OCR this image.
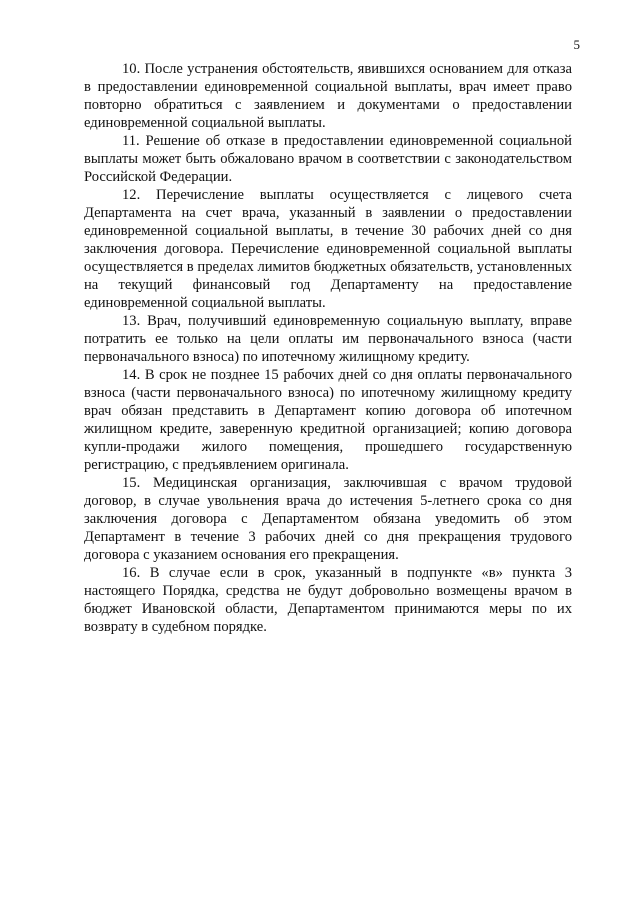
5

10. После устранения обстоятельств, явившихся основанием для отказа в предоставлении единовременной социальной выплаты, врач имеет право повторно обратиться с заявлением и документами о предоставлении единовременной социальной выплаты.

11. Решение об отказе в предоставлении единовременной социальной выплаты может быть обжаловано врачом в соответствии с законодательством Российской Федерации.

12. Перечисление выплаты осуществляется с лицевого счета Департамента на счет врача, указанный в заявлении о предоставлении единовременной социальной выплаты, в течение 30 рабочих дней со дня заключения договора. Перечисление единовременной социальной выплаты осуществляется в пределах лимитов бюджетных обязательств, установленных на текущий финансовый год Департаменту на предоставление единовременной социальной выплаты.

13. Врач, получивший единовременную социальную выплату, вправе потратить ее только на цели оплаты им первоначального взноса (части первоначального взноса) по ипотечному жилищному кредиту.

14. В срок не позднее 15 рабочих дней со дня оплаты первоначального взноса (части первоначального взноса) по ипотечному жилищному кредиту врач обязан представить в Департамент копию договора об ипотечном жилищном кредите, заверенную кредитной организацией; копию договора купли-продажи жилого помещения, прошедшего государственную регистрацию, с предъявлением оригинала.

15. Медицинская организация, заключившая с врачом трудовой договор, в случае увольнения врача до истечения 5-летнего срока со дня заключения договора с Департаментом обязана уведомить об этом Департамент в течение 3 рабочих дней со дня прекращения трудового договора с указанием основания его прекращения.

16. В случае если в срок, указанный в подпункте «в» пункта 3 настоящего Порядка, средства не будут добровольно возмещены врачом в бюджет Ивановской области, Департаментом принимаются меры по их возврату в судебном порядке.
